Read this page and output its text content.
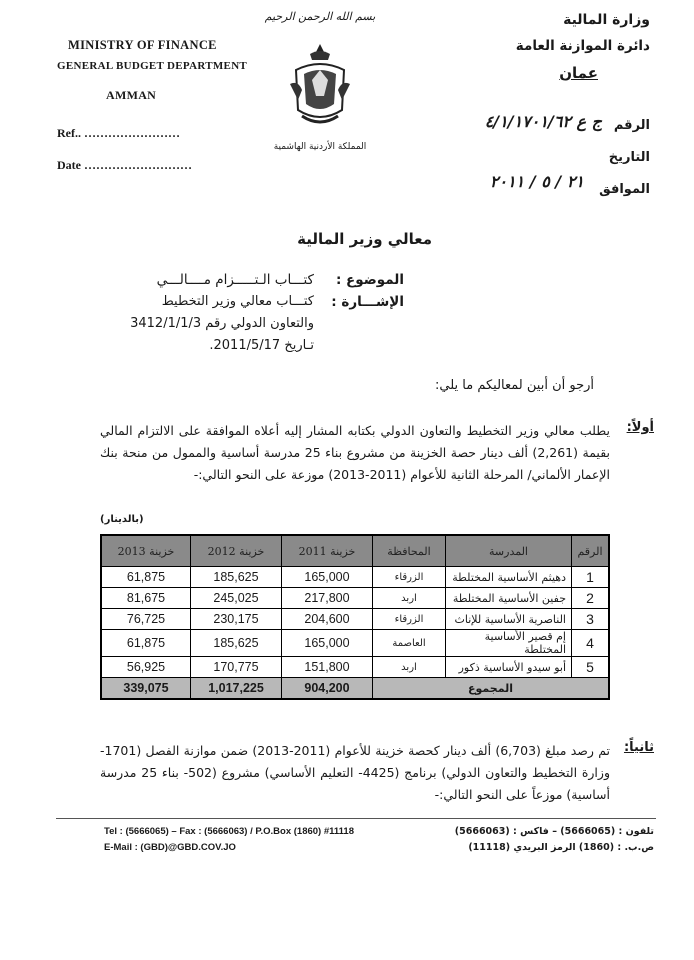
بسم الله الرحمن الرحيم
المملكة الأردنية الهاشمية
MINISTRY OF FINANCE
GENERAL BUDGET DEPARTMENT
AMMAN
Ref.. ……………………
Date ………………………
وزارة المالية
دائرة الموازنة العامة
عمان
الرقم
ج ع ٤/١/١٧٠١/٦٢
التاريخ
الموافق
٢١ / ٥ / ٢٠١١
معالي وزير المالية
الموضوع :
كتـــاب الـتـــــزام مــــالـــي
الإشـــارة :
كتـــاب معالي وزير التخطيط
والتعاون الدولي رقم 3412/1/1/3
تـاريخ 2011/5/17.
أرجو أن أبين لمعاليكم ما يلي:
أولاً:
يطلب معالي وزير التخطيط والتعاون الدولي بكتابه المشار إليه أعلاه الموافقة على الالتزام المالي بقيمة (2,261) ألف دينار حصة الخزينة من مشروع بناء 25 مدرسة أساسية والممول من منحة بنك الإعمار الألماني/ المرحلة الثانية للأعوام (2011-2013) موزعة على النحو التالي:-
(بالدينار)
خزينة 2013	خزينة 2012	خزينة 2011	المحافظة	المدرسة	الرقم
61,875	185,625	165,000	الزرقاء	دهيثم الأساسية المختلطة	1
81,675	245,025	217,800	اربد	جفين الأساسية المختلطة	2
76,725	230,175	204,600	الزرقاء	الناصرية الأساسية للإناث	3
61,875	185,625	165,000	العاصمة	إم قصير الأساسية المختلطة	4
56,925	170,775	151,800	اربد	أبو سيدو الأساسية ذكور	5
339,075	1,017,225	904,200	المجموع		
ثانياً:
تم رصد مبلغ (6,703) ألف دينار كحصة خزينة للأعوام (2011-2013) ضمن موازنة الفصل (1701- وزارة التخطيط والتعاون الدولي) برنامج (4425- التعليم الأساسي) مشروع (502- بناء 25 مدرسة أساسية) موزعاً على النحو التالي:-
Tel : (5666065) – Fax : (5666063) / P.O.Box (1860) #11118
E-Mail : (GBD)@GBD.COV.JO
تلفون : (5666065) – فاكس : (5666063)
ص.ب. : (1860) الرمز البريدي (11118)
